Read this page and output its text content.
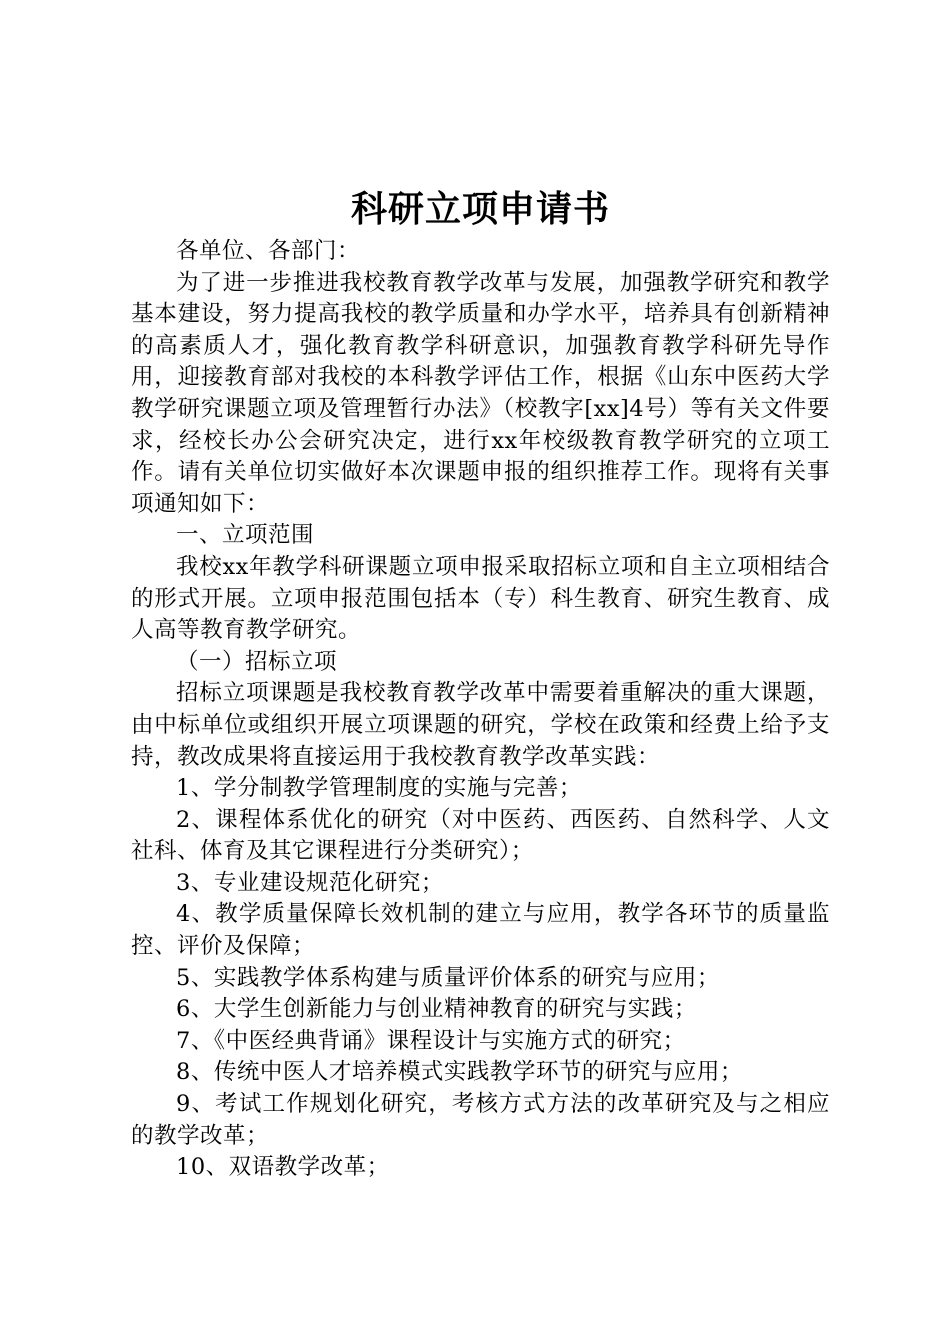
科研立项申请书

各单位、各部门：

为了进一步推进我校教育教学改革与发展，加强教学研究和教学基本建设，努力提高我校的教学质量和办学水平，培养具有创新精神的高素质人才，强化教育教学科研意识，加强教育教学科研先导作用，迎接教育部对我校的本科教学评估工作，根据《山东中医药大学教学研究课题立项及管理暂行办法》（校教字[xx]4号）等有关文件要求，经校长办公会研究决定，进行xx年校级教育教学研究的立项工作。请有关单位切实做好本次课题申报的组织推荐工作。现将有关事项通知如下：

一、立项范围

我校xx年教学科研课题立项申报采取招标立项和自主立项相结合的形式开展。立项申报范围包括本（专）科生教育、研究生教育、成人高等教育教学研究。

（一）招标立项

招标立项课题是我校教育教学改革中需要着重解决的重大课题，由中标单位或组织开展立项课题的研究，学校在政策和经费上给予支持，教改成果将直接运用于我校教育教学改革实践：

1、学分制教学管理制度的实施与完善；

2、课程体系优化的研究（对中医药、西医药、自然科学、人文社科、体育及其它课程进行分类研究）；

3、专业建设规范化研究；

4、教学质量保障长效机制的建立与应用，教学各环节的质量监控、评价及保障；

5、实践教学体系构建与质量评价体系的研究与应用；

6、大学生创新能力与创业精神教育的研究与实践；

7、《中医经典背诵》课程设计与实施方式的研究；

8、传统中医人才培养模式实践教学环节的研究与应用；

9、考试工作规划化研究，考核方式方法的改革研究及与之相应的教学改革；

10、双语教学改革；
